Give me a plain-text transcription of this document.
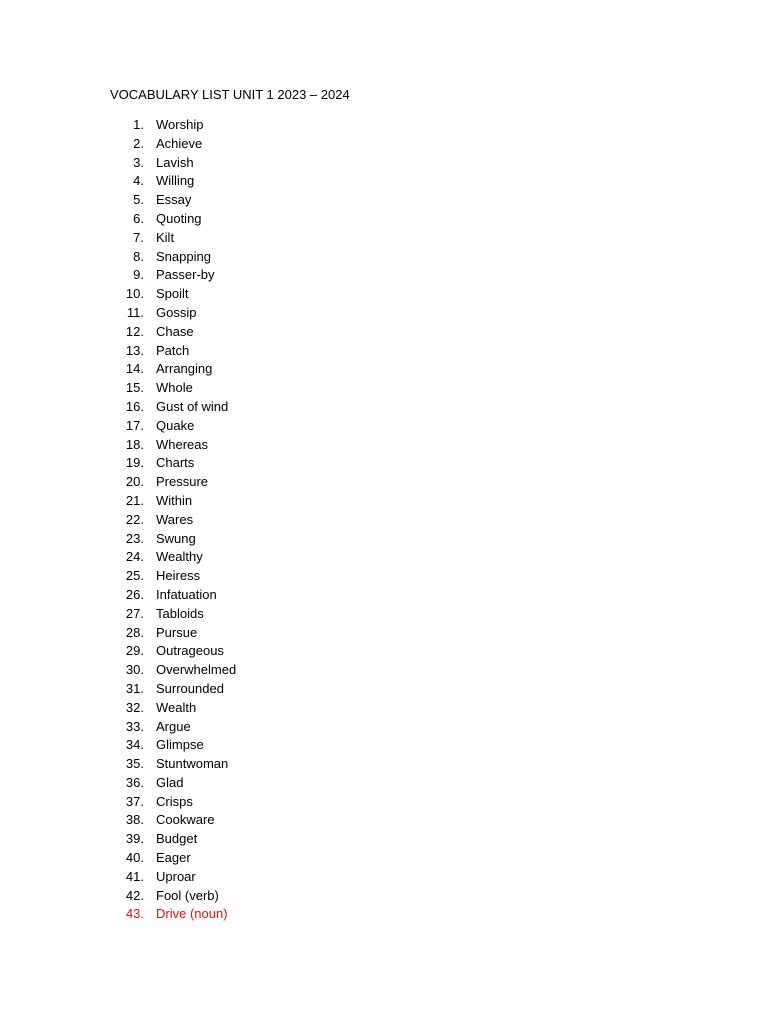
VOCABULARY LIST UNIT 1 2023 – 2024
1. Worship
2. Achieve
3. Lavish
4. Willing
5. Essay
6. Quoting
7. Kilt
8. Snapping
9. Passer-by
10. Spoilt
11. Gossip
12. Chase
13. Patch
14. Arranging
15. Whole
16. Gust of wind
17. Quake
18. Whereas
19. Charts
20. Pressure
21. Within
22. Wares
23. Swung
24. Wealthy
25. Heiress
26. Infatuation
27. Tabloids
28. Pursue
29. Outrageous
30. Overwhelmed
31. Surrounded
32. Wealth
33. Argue
34. Glimpse
35. Stuntwoman
36. Glad
37. Crisps
38. Cookware
39. Budget
40. Eager
41. Uproar
42. Fool (verb)
43. Drive (noun)
